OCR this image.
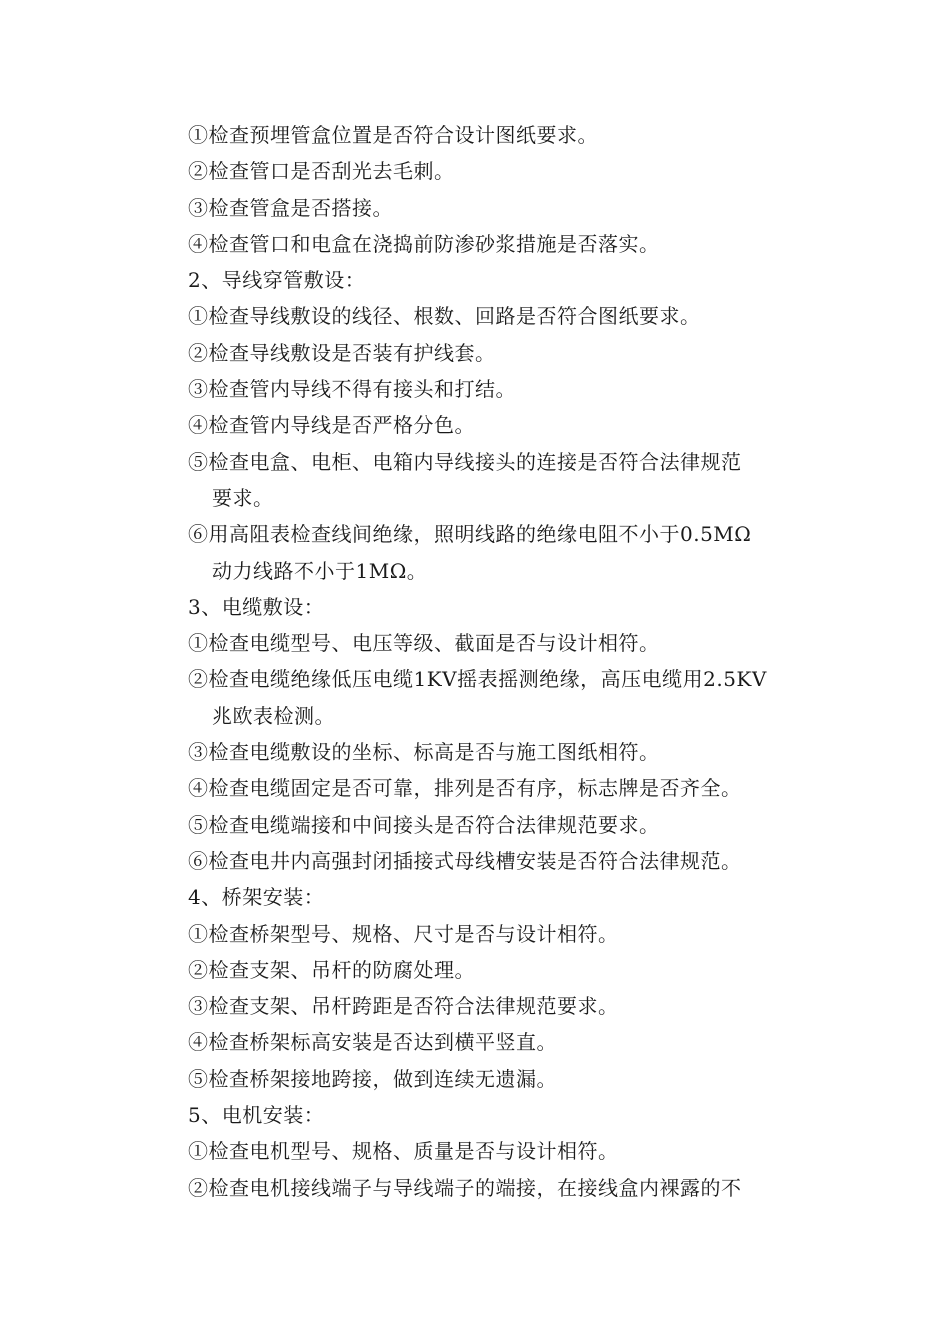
①检查预埋管盒位置是否符合设计图纸要求。
②检查管口是否刮光去毛刺。
③检查管盒是否搭接。
④检查管口和电盒在浇捣前防渗砂浆措施是否落实。
2、导线穿管敷设：
①检查导线敷设的线径、根数、回路是否符合图纸要求。
②检查导线敷设是否装有护线套。
③检查管内导线不得有接头和打结。
④检查管内导线是否严格分色。
⑤检查电盒、电柜、电箱内导线接头的连接是否符合法律规范
要求。
⑥用高阻表检查线间绝缘，照明线路的绝缘电阻不小于0.5MΩ
动力线路不小于1MΩ。
3、电缆敷设：
①检查电缆型号、电压等级、截面是否与设计相符。
②检查电缆绝缘低压电缆1KV摇表摇测绝缘，高压电缆用2.5KV
兆欧表检测。
③检查电缆敷设的坐标、标高是否与施工图纸相符。
④检查电缆固定是否可靠，排列是否有序，标志牌是否齐全。
⑤检查电缆端接和中间接头是否符合法律规范要求。
⑥检查电井内高强封闭插接式母线槽安装是否符合法律规范。
4、桥架安装：
①检查桥架型号、规格、尺寸是否与设计相符。
②检查支架、吊杆的防腐处理。
③检查支架、吊杆跨距是否符合法律规范要求。
④检查桥架标高安装是否达到横平竖直。
⑤检查桥架接地跨接，做到连续无遗漏。
5、电机安装：
①检查电机型号、规格、质量是否与设计相符。
②检查电机接线端子与导线端子的端接，在接线盒内裸露的不
